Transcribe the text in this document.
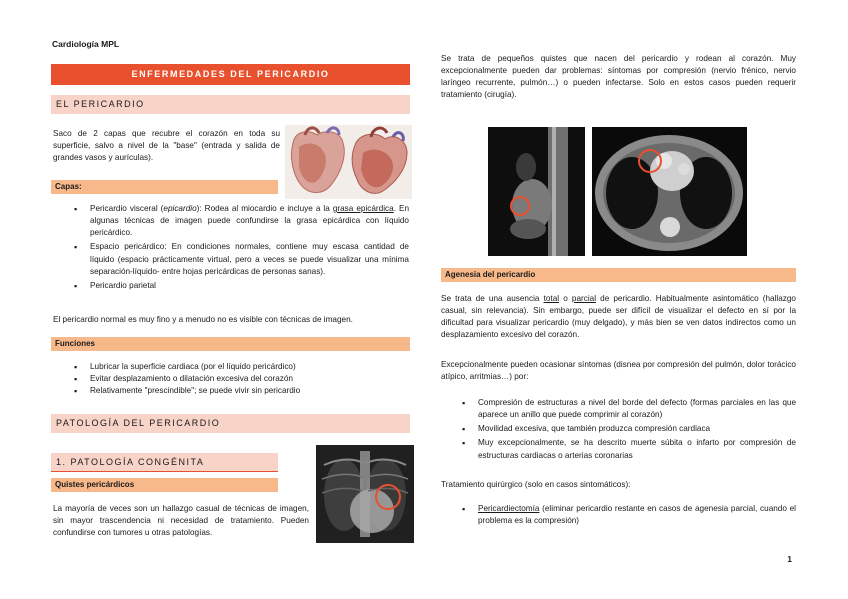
Cardiología MPL
ENFERMEDADES DEL PERICARDIO
EL PERICARDIO
Saco de 2 capas que recubre el corazón en toda su superficie, salvo a nivel de la "base" (entrada y salida de grandes vasos y aurículas).
Capas:
▪ Pericardio visceral (epicardio): Rodea al miocardio e incluye a la grasa epicárdica. En algunas técnicas de imagen puede confundirse la grasa epicárdica con líquido pericárdico.
▪ Espacio pericárdico: En condiciones normales, contiene muy escasa cantidad de líquido (espacio prácticamente virtual, pero a veces se puede visualizar una mínima separación-líquido- entre hojas pericárdicas de personas sanas).
▪ Pericardio parietal
El pericardio normal es muy fino y a menudo no es visible con técnicas de imagen.
Funciones
▪ Lubricar la superficie cardiaca (por el líquido pericárdico)
▪ Evitar desplazamiento o dilatación excesiva del corazón
▪ Relativamente "prescindible"; se puede vivir sin pericardio
PATOLOGÍA DEL PERICARDIO
1. PATOLOGÍA CONGÉNITA
Quistes pericárdicos
La mayoría de veces son un hallazgo casual de técnicas de imagen, sin mayor trascendencia ni necesidad de tratamiento. Pueden confundirse con tumores u otras patologías.
Se trata de pequeños quistes que nacen del pericardio y rodean al corazón. Muy excepcionalmente pueden dar problemas: síntomas por compresión (nervio frénico, nervio laríngeo recurrente, pulmón…) o pueden infectarse. Solo en estos casos pueden requerir tratamiento (cirugía).
Agenesia del pericardio
Se trata de una ausencia total o parcial de pericardio. Habitualmente asintomático (hallazgo casual, sin relevancia). Sin embargo, puede ser difícil de visualizar el defecto en sí por la dificultad para visualizar pericardio (muy delgado), y más bien se ven datos indirectos como un desplazamiento excesivo del corazón.
Excepcionalmente pueden ocasionar síntomas (disnea por compresión del pulmón, dolor torácico atípico, arritmias…) por:
▪ Compresión de estructuras a nivel del borde del defecto (formas parciales en las que aparece un anillo que puede comprimir al corazón)
▪ Movilidad excesiva, que también produzca compresión cardiaca
▪ Muy excepcionalmente, se ha descrito muerte súbita o infarto por compresión de estructuras cardiacas o arterias coronarias
Tratamiento quirúrgico (solo en casos sintomáticos):
▪ Pericardiectomía (eliminar pericardio restante en casos de agenesia parcial, cuando el problema es la compresión)
1
